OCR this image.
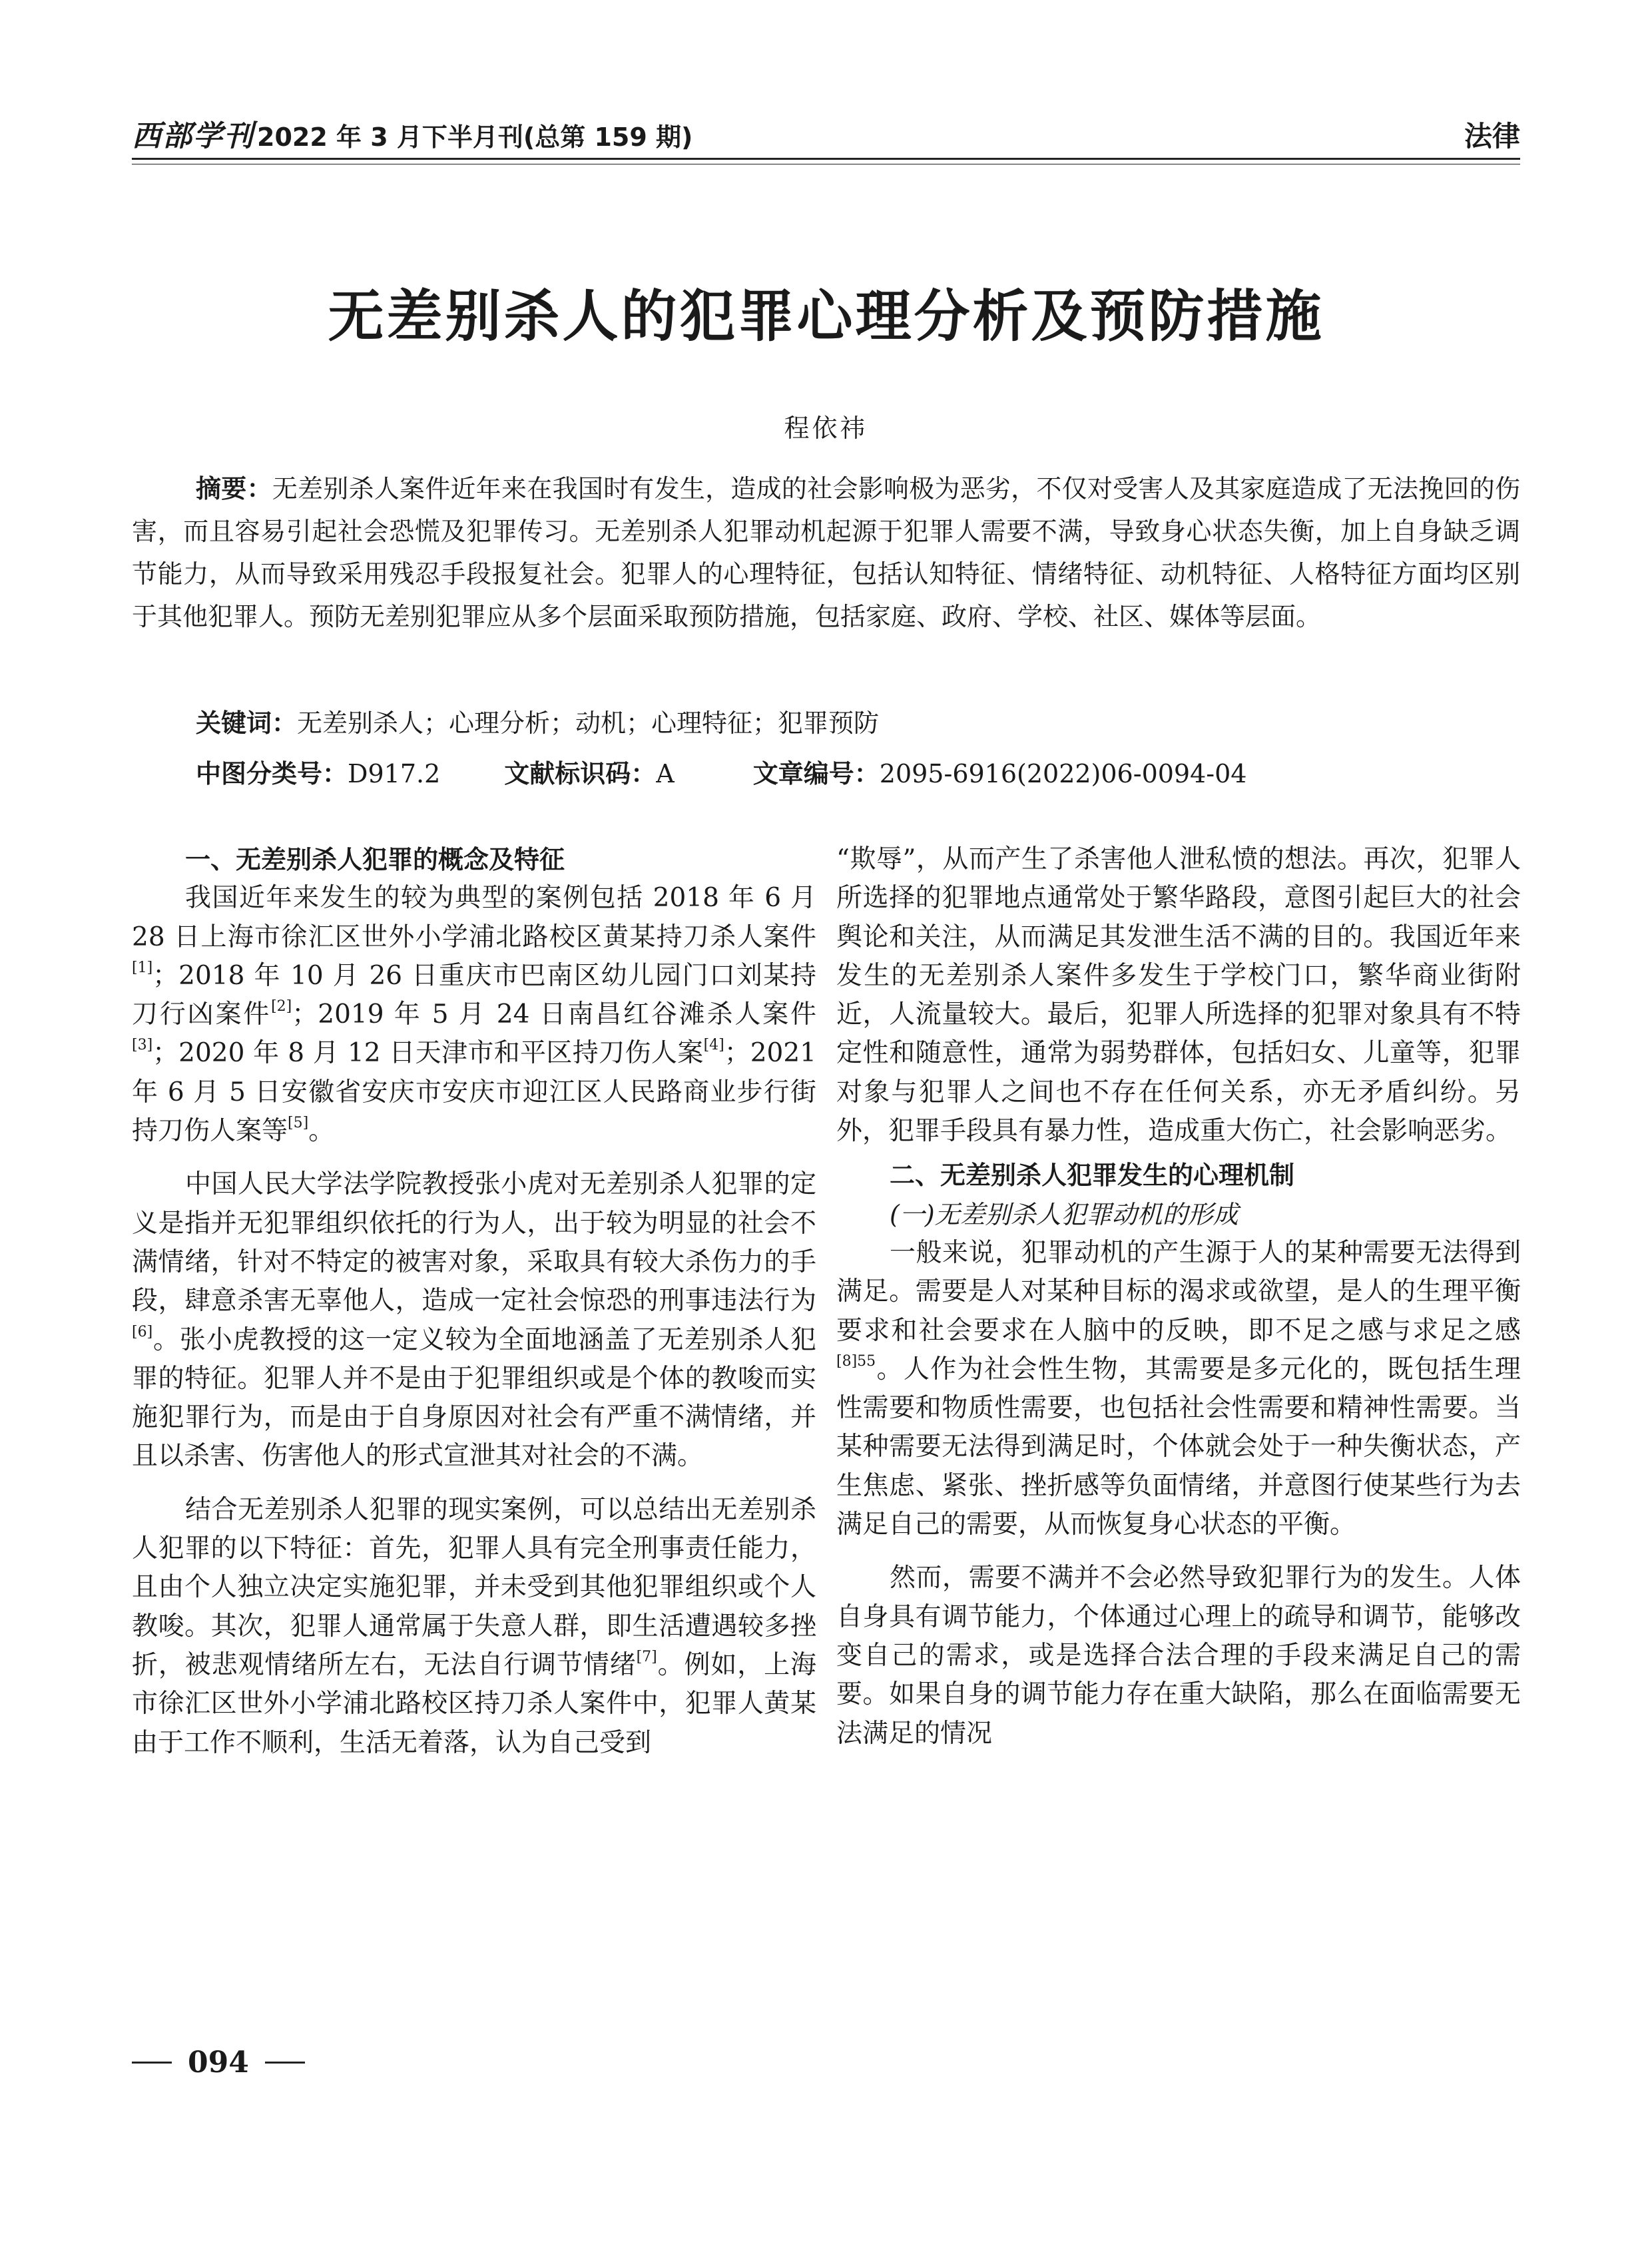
西部学刊 2022 年 3 月下半月刊(总第 159 期)	法律
无差别杀人的犯罪心理分析及预防措施
程依祎
摘要：无差别杀人案件近年来在我国时有发生，造成的社会影响极为恶劣，不仅对受害人及其家庭造成了无法挽回的伤害，而且容易引起社会恐慌及犯罪传习。无差别杀人犯罪动机起源于犯罪人需要不满，导致身心状态失衡，加上自身缺乏调节能力，从而导致采用残忍手段报复社会。犯罪人的心理特征，包括认知特征、情绪特征、动机特征、人格特征方面均区别于其他犯罪人。预防无差别犯罪应从多个层面采取预防措施，包括家庭、政府、学校、社区、媒体等层面。
关键词：无差别杀人；心理分析；动机；心理特征；犯罪预防
中图分类号：D917.2	文献标识码：A	文章编号：2095-6916(2022)06-0094-04
一、无差别杀人犯罪的概念及特征

我国近年来发生的较为典型的案例包括 2018 年 6 月 28 日上海市徐汇区世外小学浦北路校区黄某持刀杀人案件[1]；2018 年 10 月 26 日重庆市巴南区幼儿园门口刘某持刀行凶案件[2]；2019 年 5 月 24 日南昌红谷滩杀人案件[3]；2020 年 8 月 12 日天津市和平区持刀伤人案[4]；2021 年 6 月 5 日安徽省安庆市安庆市迎江区人民路商业步行街持刀伤人案等[5]。

中国人民大学法学院教授张小虎对无差别杀人犯罪的定义是指并无犯罪组织依托的行为人，出于较为明显的社会不满情绪，针对不特定的被害对象，采取具有较大杀伤力的手段，肆意杀害无辜他人，造成一定社会惊恐的刑事违法行为[6]。张小虎教授的这一定义较为全面地涵盖了无差别杀人犯罪的特征。犯罪人并不是由于犯罪组织或是个体的教唆而实施犯罪行为，而是由于自身原因对社会有严重不满情绪，并且以杀害、伤害他人的形式宣泄其对社会的不满。

结合无差别杀人犯罪的现实案例，可以总结出无差别杀人犯罪的以下特征：首先，犯罪人具有完全刑事责任能力，且由个人独立决定实施犯罪，并未受到其他犯罪组织或个人教唆。其次，犯罪人通常属于失意人群，即生活遭遇较多挫折，被悲观情绪所左右，无法自行调节情绪[7]。例如，上海市徐汇区世外小学浦北路校区持刀杀人案件中，犯罪人黄某由于工作不顺利，生活无着落，认为自己受到

“欺辱”，从而产生了杀害他人泄私愤的想法。再次，犯罪人所选择的犯罪地点通常处于繁华路段，意图引起巨大的社会舆论和关注，从而满足其发泄生活不满的目的。我国近年来发生的无差别杀人案件多发生于学校门口，繁华商业街附近，人流量较大。最后，犯罪人所选择的犯罪对象具有不特定性和随意性，通常为弱势群体，包括妇女、儿童等，犯罪对象与犯罪人之间也不存在任何关系，亦无矛盾纠纷。另外，犯罪手段具有暴力性，造成重大伤亡，社会影响恶劣。

二、无差别杀人犯罪发生的心理机制
(一)无差别杀人犯罪动机的形成

一般来说，犯罪动机的产生源于人的某种需要无法得到满足。需要是人对某种目标的渴求或欲望，是人的生理平衡要求和社会要求在人脑中的反映，即不足之感与求足之感$^{[8]55}$。人作为社会性生物，其需要是多元化的，既包括生理性需要和物质性需要，也包括社会性需要和精神性需要。当某种需要无法得到满足时，个体就会处于一种失衡状态，产生焦虑、紧张、挫折感等负面情绪，并意图行使某些行为去满足自己的需要，从而恢复身心状态的平衡。

然而，需要不满并不会必然导致犯罪行为的发生。人体自身具有调节能力，个体通过心理上的疏导和调节，能够改变自己的需求，或是选择合法合理的手段来满足自己的需要。如果自身的调节能力存在重大缺陷，那么在面临需要无法满足的情况

094
